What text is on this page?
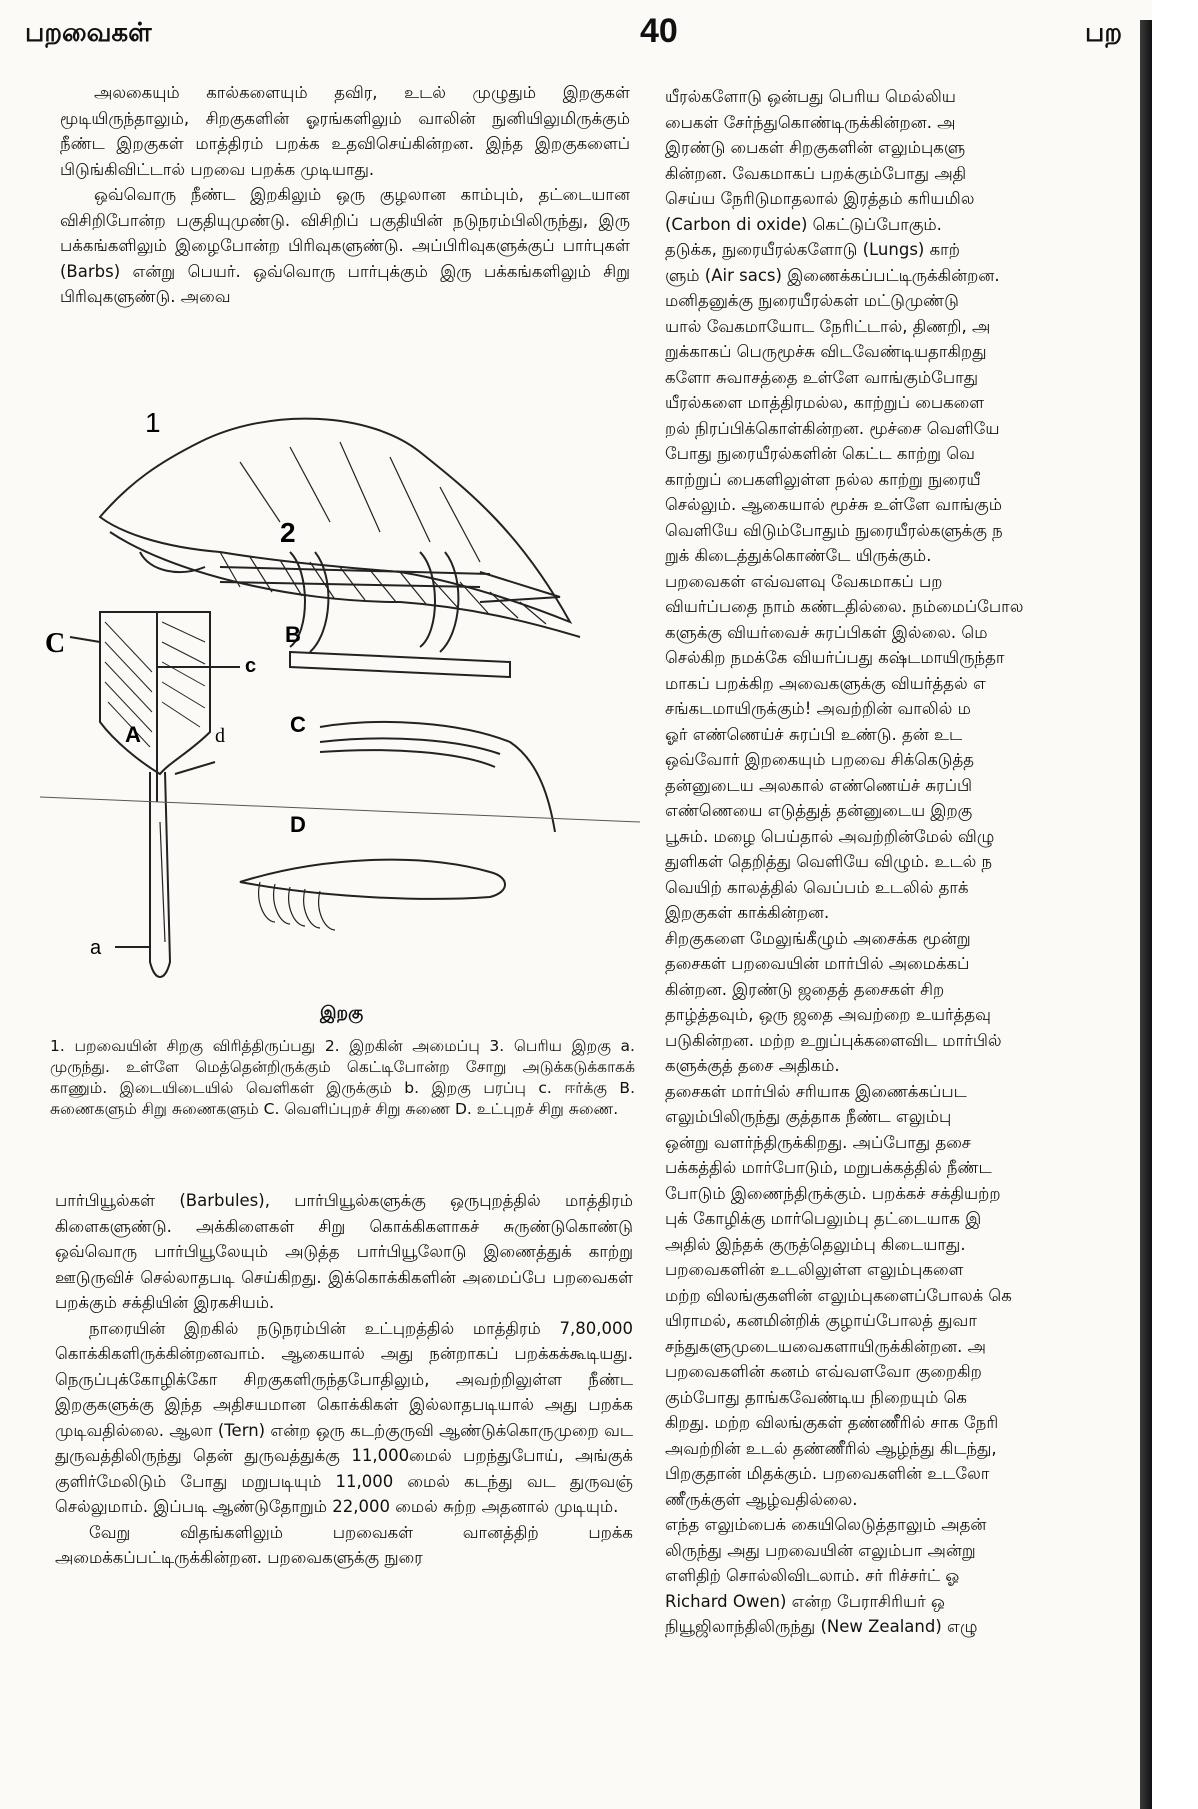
பறவைகள்	40	பற

அலகையும் கால்களையும் தவிர, உடல் முழுதும் இறகுகள் மூடியிருந்தாலும், சிறகுகளின் ஓரங்களிலும் வாலின் நுனியிலுமிருக்கும் நீண்ட இறகுகள் மாத்திரம் பறக்க உதவிசெய்கின்றன. இந்த இறகுகளைப் பிடுங்கிவிட்டால் பறவை பறக்க முடியாது.

ஒவ்வொரு நீண்ட இறகிலும் ஒரு குழலான காம்பும், தட்டையான விசிறிபோன்ற பகுதியுமுண்டு. விசிறிப் பகுதியின் நடுநரம்பிலிருந்து, இரு பக்கங்களிலும் இழைபோன்ற பிரிவுகளுண்டு. அப்பிரிவுகளுக்குப் பார்புகள் (Barbs) என்று பெயர். ஒவ்வொரு பார்புக்கும் இரு பக்கங்களிலும் சிறு பிரிவுகளுண்டு. அவை

1
2
B
C
c
A	d
a
C
D
இறகு
1. பறவையின் சிறகு விரித்திருப்பது 2. இறகின் அமைப்பு 3. பெரிய இறகு a. முருந்து. உள்ளே மெத்தென்றிருக்கும் கெட்டிபோன்ற சோறு அடுக்கடுக்காகக் காணும். இடையிடையில் வெளிகள் இருக்கும் b. இறகு பரப்பு c. ஈர்க்கு B. சுணைகளும் சிறு சுணைகளும் C. வெளிப்புறச் சிறு சுணை D. உட்புறச் சிறு சுணை.

பார்பியூல்கள் (Barbules), பார்பியூல்களுக்கு ஒருபுறத்தில் மாத்திரம் கிளைகளுண்டு. அக்கிளைகள் சிறு கொக்கிகளாகச் சுருண்டுகொண்டு ஒவ்வொரு பார்பியூலேயும் அடுத்த பார்பியூலோடு இணைத்துக் காற்று ஊடுருவிச் செல்லாதபடி செய்கிறது. இக்கொக்கிகளின் அமைப்பே பறவைகள் பறக்கும் சக்தியின் இரகசியம்.

நாரையின் இறகில் நடுநரம்பின் உட்புறத்தில் மாத்திரம் 7,80,000 கொக்கிகளிருக்கின்றனவாம். ஆகையால் அது நன்றாகப் பறக்கக்கூடியது. நெருப்புக்கோழிக்கோ சிறகுகளிருந்தபோதிலும், அவற்றிலுள்ள நீண்ட இறகுகளுக்கு இந்த அதிசயமான கொக்கிகள் இல்லாதபடியால் அது பறக்க முடிவதில்லை. ஆலா (Tern) என்ற ஒரு கடற்குருவி ஆண்டுக்கொருமுறை வட துருவத்திலிருந்து தென் துருவத்துக்கு 11,000மைல் பறந்துபோய், அங்குக் குளிர்மேலிடும் போது மறுபடியும் 11,000 மைல் கடந்து வட துருவஞ் செல்லுமாம். இப்படி ஆண்டுதோறும் 22,000 மைல் சுற்ற அதனால் முடியும்.

வேறு விதங்களிலும் பறவைகள் வானத்திற் பறக்க அமைக்கப்பட்டிருக்கின்றன. பறவைகளுக்கு நுரை

யீரல்களோடு ஒன்பது பெரிய மெல்லிய

பைகள் சேர்ந்துகொண்டிருக்கின்றன. அ

இரண்டு பைகள் சிறகுகளின் எலும்புகளு

கின்றன. வேகமாகப் பறக்கும்போது அதி

செய்ய நேரிடுமாதலால் இரத்தம் கரியமில

(Carbon di oxide) கெட்டுப்போகும்.

தடுக்க, நுரையீரல்களோடு (Lungs) காற்

ளும் (Air sacs) இணைக்கப்பட்டிருக்கின்றன.

மனிதனுக்கு நுரையீரல்கள் மட்டுமுண்டு

யால் வேகமாயோட நேரிட்டால், திணறி, அ

றுக்காகப் பெருமூச்சு விடவேண்டியதாகிறது

களோ சுவாசத்தை உள்ளே வாங்கும்போது

யீரல்களை மாத்திரமல்ல, காற்றுப் பைகளை

றல் நிரப்பிக்கொள்கின்றன. மூச்சை வெளியே

போது நுரையீரல்களின் கெட்ட காற்று வெ

காற்றுப் பைகளிலுள்ள நல்ல காற்று நுரையீ

செல்லும். ஆகையால் மூச்சு உள்ளே வாங்கும்

வெளியே விடும்போதும் நுரையீரல்களுக்கு ந

றுக் கிடைத்துக்கொண்டே யிருக்கும்.

பறவைகள் எவ்வளவு வேகமாகப் பற

வியர்ப்பதை நாம் கண்டதில்லை. நம்மைப்போல

களுக்கு வியர்வைச் சுரப்பிகள் இல்லை. மெ

செல்கிற நமக்கே வியர்ப்பது கஷ்டமாயிருந்தா

மாகப் பறக்கிற அவைகளுக்கு வியர்த்தல் எ

சங்கடமாயிருக்கும்! அவற்றின் வாலில் ம

ஓர் எண்ணெய்ச் சுரப்பி உண்டு. தன் உட

ஒவ்வோர் இறகையும் பறவை சிக்கெடுத்த

தன்னுடைய அலகால் எண்ணெய்ச் சுரப்பி

எண்ணெயை எடுத்துத் தன்னுடைய இறகு

பூசும். மழை பெய்தால் அவற்றின்மேல் விழு

துளிகள் தெறித்து வெளியே விழும். உடல் ந

வெயிற் காலத்தில் வெப்பம் உடலில் தாக்

இறகுகள் காக்கின்றன.

சிறகுகளை மேலுங்கீழும் அசைக்க மூன்று

தசைகள் பறவையின் மார்பில் அமைக்கப்

கின்றன. இரண்டு ஜதைத் தசைகள் சிற

தாழ்த்தவும், ஒரு ஜதை அவற்றை உயர்த்தவு

படுகின்றன. மற்ற உறுப்புக்களைவிட மார்பில்

களுக்குத் தசை அதிகம்.

தசைகள் மார்பில் சரியாக இணைக்கப்பட

எலும்பிலிருந்து குத்தாக நீண்ட எலும்பு

ஒன்று வளர்ந்திருக்கிறது. அப்போது தசை

பக்கத்தில் மார்போடும், மறுபக்கத்தில் நீண்ட

போடும் இணைந்திருக்கும். பறக்கச் சக்தியற்ற

புக் கோழிக்கு மார்பெலும்பு தட்டையாக இ

அதில் இந்தக் குருத்தெலும்பு கிடையாது.

பறவைகளின் உடலிலுள்ள எலும்புகளை

மற்ற விலங்குகளின் எலும்புகளைப்போலக் கெ

யிராமல், கனமின்றிக் குழாய்போலத் துவா

சந்துகளுமுடையவைகளாயிருக்கின்றன. அ

பறவைகளின் கனம் எவ்வளவோ குறைகிற

கும்போது தாங்கவேண்டிய நிறையும் கெ

கிறது. மற்ற விலங்குகள் தண்ணீரில் சாக நேரி

அவற்றின் உடல் தண்ணீரில் ஆழ்ந்து கிடந்து,

பிறகுதான் மிதக்கும். பறவைகளின் உடலோ

ணீருக்குள் ஆழ்வதில்லை.

எந்த எலும்பைக் கையிலெடுத்தாலும் அதன்

லிருந்து அது பறவையின் எலும்பா அன்று

எளிதிற் சொல்லிவிடலாம். சர் ரிச்சர்ட் ஓ

Richard Owen) என்ற பேராசிரியர் ஒ

நியூஜிலாந்திலிருந்து (New Zealand) எழு
